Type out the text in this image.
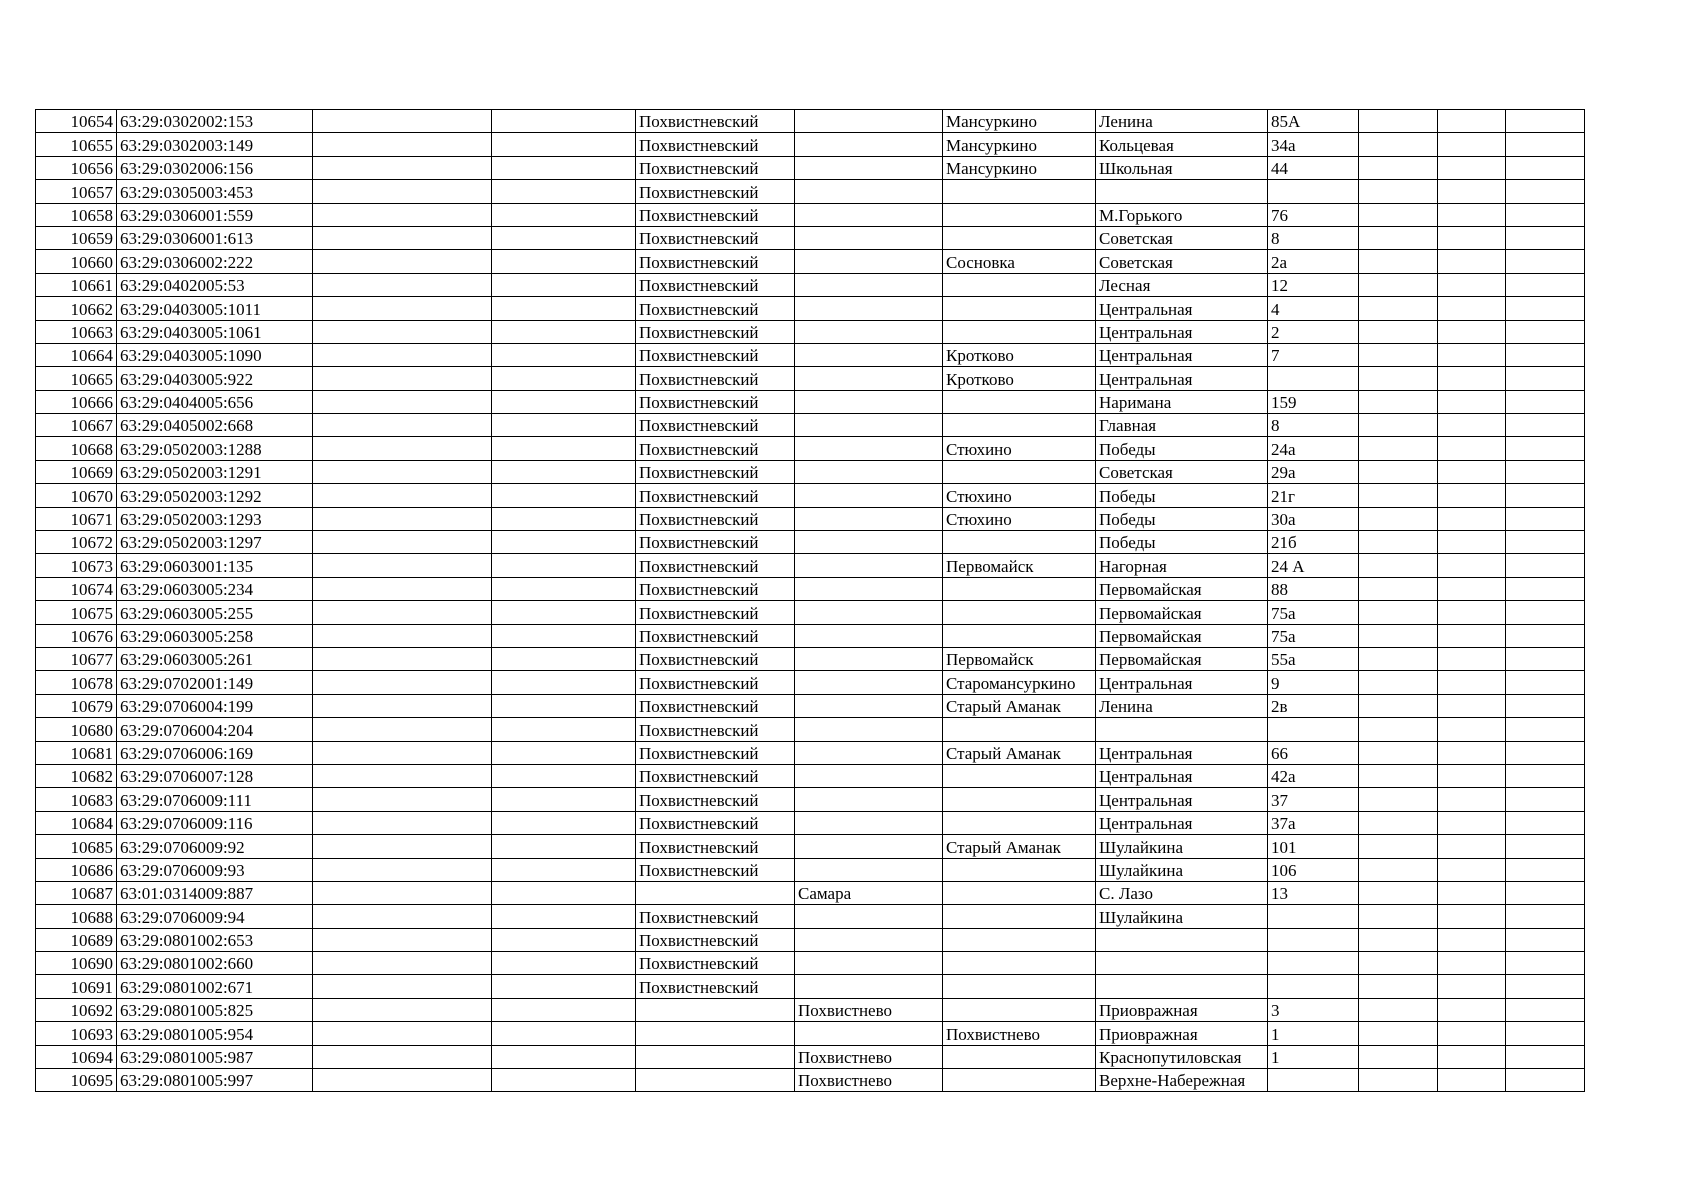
10654	63:29:0302002:153			Похвистневский		Мансуркино	Ленина	85А			
10655	63:29:0302003:149			Похвистневский		Мансуркино	Кольцевая	34а			
10656	63:29:0302006:156			Похвистневский		Мансуркино	Школьная	44			
10657	63:29:0305003:453			Похвистневский							
10658	63:29:0306001:559			Похвистневский			М.Горького	76			
10659	63:29:0306001:613			Похвистневский			Советская	8			
10660	63:29:0306002:222			Похвистневский		Сосновка	Советская	2а			
10661	63:29:0402005:53			Похвистневский			Лесная	12			
10662	63:29:0403005:1011			Похвистневский			Центральная	4			
10663	63:29:0403005:1061			Похвистневский			Центральная	2			
10664	63:29:0403005:1090			Похвистневский		Кротково	Центральная	7			
10665	63:29:0403005:922			Похвистневский		Кротково	Центральная				
10666	63:29:0404005:656			Похвистневский			Наримана	159			
10667	63:29:0405002:668			Похвистневский			Главная	8			
10668	63:29:0502003:1288			Похвистневский		Стюхино	Победы	24а			
10669	63:29:0502003:1291			Похвистневский			Советская	29а			
10670	63:29:0502003:1292			Похвистневский		Стюхино	Победы	21г			
10671	63:29:0502003:1293			Похвистневский		Стюхино	Победы	30а			
10672	63:29:0502003:1297			Похвистневский			Победы	21б			
10673	63:29:0603001:135			Похвистневский		Первомайск	Нагорная	24 А			
10674	63:29:0603005:234			Похвистневский			Первомайская	88			
10675	63:29:0603005:255			Похвистневский			Первомайская	75а			
10676	63:29:0603005:258			Похвистневский			Первомайская	75а			
10677	63:29:0603005:261			Похвистневский		Первомайск	Первомайская	55а			
10678	63:29:0702001:149			Похвистневский		Старомансуркино	Центральная	9			
10679	63:29:0706004:199			Похвистневский		Старый Аманак	Ленина	2в			
10680	63:29:0706004:204			Похвистневский							
10681	63:29:0706006:169			Похвистневский		Старый Аманак	Центральная	66			
10682	63:29:0706007:128			Похвистневский			Центральная	42а			
10683	63:29:0706009:111			Похвистневский			Центральная	37			
10684	63:29:0706009:116			Похвистневский			Центральная	37а			
10685	63:29:0706009:92			Похвистневский		Старый Аманак	Шулайкина	101			
10686	63:29:0706009:93			Похвистневский			Шулайкина	106			
10687	63:01:0314009:887				Самара		С. Лазо	13			
10688	63:29:0706009:94			Похвистневский			Шулайкина				
10689	63:29:0801002:653			Похвистневский							
10690	63:29:0801002:660			Похвистневский							
10691	63:29:0801002:671			Похвистневский							
10692	63:29:0801005:825				Похвистнево		Приовражная	3			
10693	63:29:0801005:954					Похвистнево	Приовражная	1			
10694	63:29:0801005:987				Похвистнево		Краснопутиловская	1			
10695	63:29:0801005:997				Похвистнево		Верхне-Набережная				
